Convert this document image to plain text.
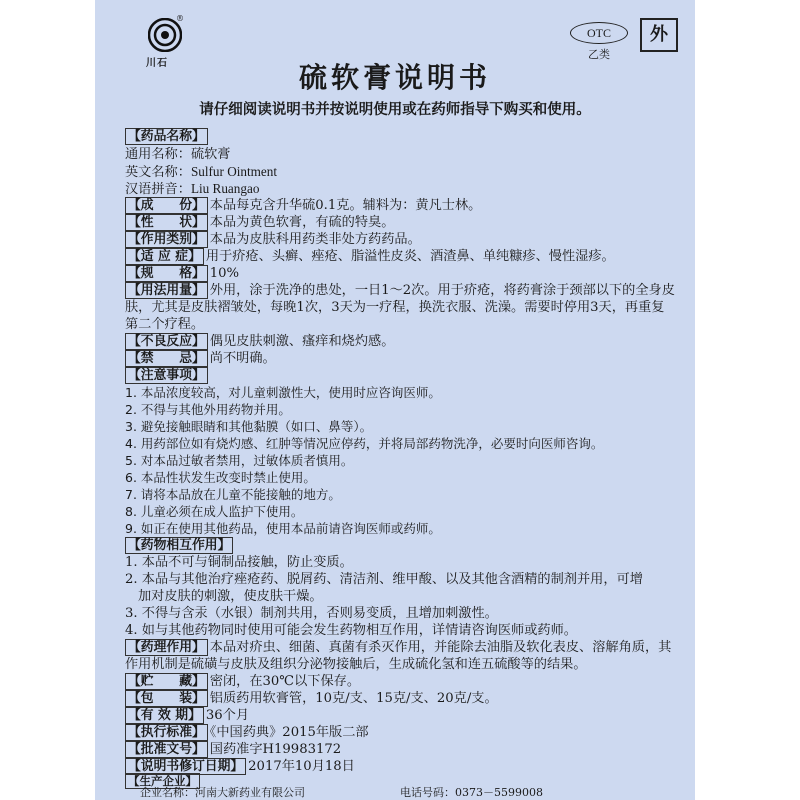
®
川石
OTC
乙类
外
硫软膏说明书
请仔细阅读说明书并按说明使用或在药师指导下购买和使用。
【药品名称】
通用名称：硫软膏
英文名称：Sulfur Ointment
汉语拼音：Liu Ruangao
【成　　份】 本品每克含升华硫0.1克。辅料为：黄凡士林。
【性　　状】 本品为黄色软膏，有硫的特臭。
【作用类别】 本品为皮肤科用药类非处方药药品。
【适 应 症】 用于疥疮、头癣、痤疮、脂溢性皮炎、酒渣鼻、单纯糠疹、慢性湿疹。
【规　　格】 10%
【用法用量】 外用，涂于洗净的患处，一日1～2次。用于疥疮，将药膏涂于颈部以下的全身皮
肤，尤其是皮肤褶皱处，每晚1次，3天为一疗程，换洗衣服、洗澡。需要时停用3天，再重复
第二个疗程。
【不良反应】 偶见皮肤刺激、瘙痒和烧灼感。
【禁　　忌】 尚不明确。
【注意事项】
1. 本品浓度较高，对儿童刺激性大，使用时应咨询医师。
2. 不得与其他外用药物并用。
3. 避免接触眼睛和其他黏膜（如口、鼻等）。
4. 用药部位如有烧灼感、红肿等情况应停药，并将局部药物洗净，必要时向医师咨询。
5. 对本品过敏者禁用，过敏体质者慎用。
6. 本品性状发生改变时禁止使用。
7. 请将本品放在儿童不能接触的地方。
8. 儿童必须在成人监护下使用。
9. 如正在使用其他药品，使用本品前请咨询医师或药师。
【药物相互作用】
1. 本品不可与铜制品接触，防止变质。
2. 本品与其他治疗痤疮药、脱屑药、清洁剂、维甲酸、以及其他含酒精的制剂并用，可增
加对皮肤的刺激，使皮肤干燥。
3. 不得与含汞（水银）制剂共用，否则易变质，且增加刺激性。
4. 如与其他药物同时使用可能会发生药物相互作用，详情请咨询医师或药师。
【药理作用】 本品对疥虫、细菌、真菌有杀灭作用，并能除去油脂及软化表皮、溶解角质，其
作用机制是硫磺与皮肤及组织分泌物接触后，生成硫化氢和连五硫酸等的结果。
【贮　　藏】 密闭，在30℃以下保存。
【包　　装】 铝质药用软膏管，10克/支、15克/支、20克/支。
【有 效 期】 36个月
【执行标准】 《中国药典》2015年版二部
【批准文号】 国药准字H19983172
【说明书修订日期】 2017年10月18日
【生产企业】
企业名称：河南大新药业有限公司	电话号码：0373－5599008
